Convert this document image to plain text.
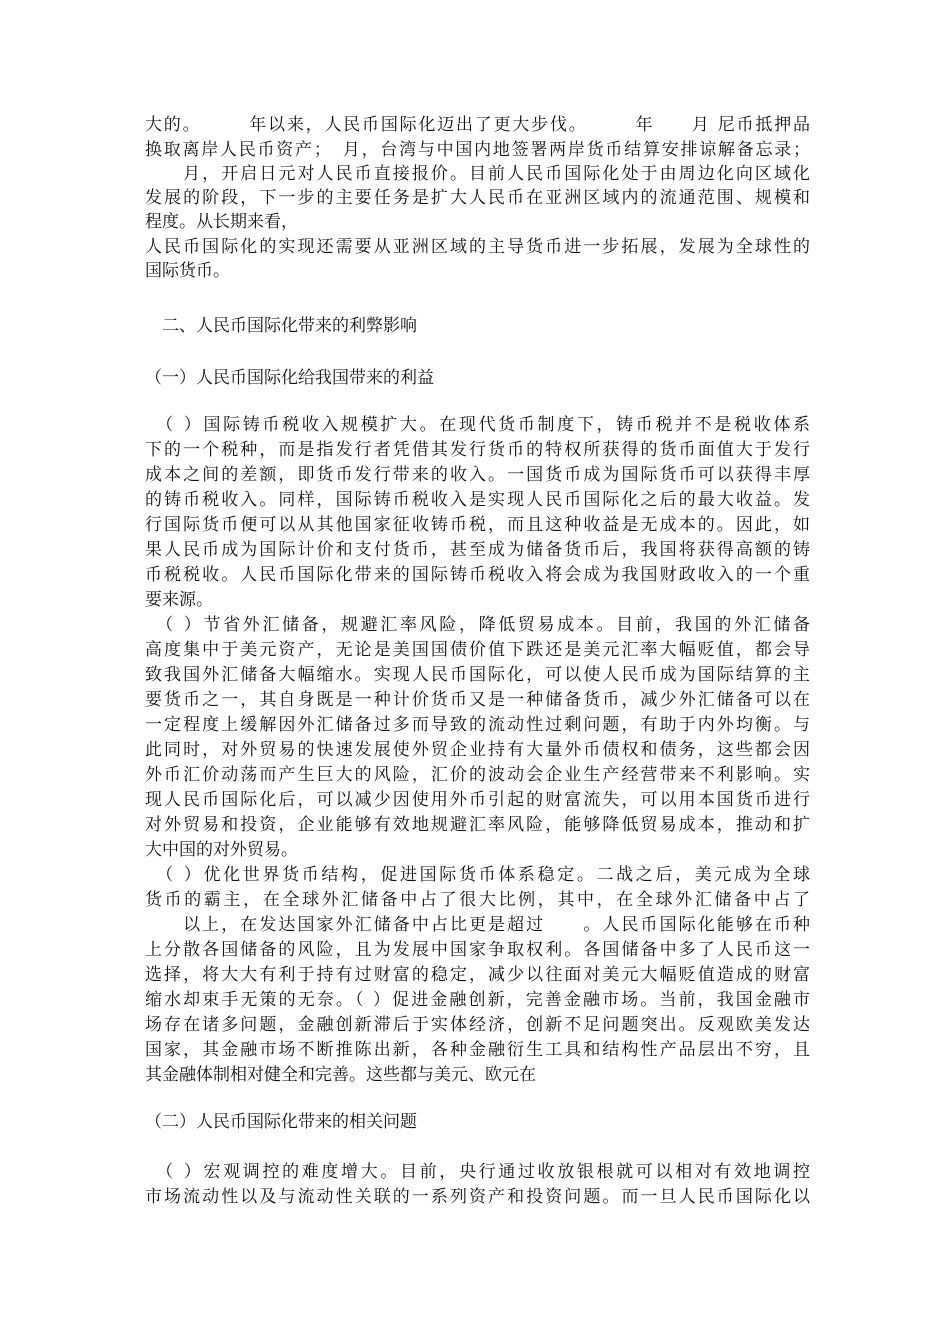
大的。　　　年以来，人民币国际化迈出了更大步伐。　　　年　　月 尼币抵押品
换取离岸人民币资产；　月，台湾与中国内地签署两岸货币结算安排谅解备忘录；
　　月，开启日元对人民币直接报价。目前人民币国际化处于由周边化向区域化
发展的阶段，下一步的主要任务是扩大人民币在亚洲区域内的流通范围、规模和
程度。从长期来看，
人民币国际化的实现还需要从亚洲区域的主导货币进一步拓展，发展为全球性的
国际货币。
　二、人民币国际化带来的利弊影响
（一）人民币国际化给我国带来的利益
　（ ）国际铸币税收入规模扩大。在现代货币制度下，铸币税并不是税收体系
下的一个税种，而是指发行者凭借其发行货币的特权所获得的货币面值大于发行
成本之间的差额，即货币发行带来的收入。一国货币成为国际货币可以获得丰厚
的铸币税收入。同样，国际铸币税收入是实现人民币国际化之后的最大收益。发
行国际货币便可以从其他国家征收铸币税，而且这种收益是无成本的。因此，如
果人民币成为国际计价和支付货币，甚至成为储备货币后，我国将获得高额的铸
币税税收。人民币国际化带来的国际铸币税收入将会成为我国财政收入的一个重
要来源。
　（ ）节省外汇储备，规避汇率风险，降低贸易成本。目前，我国的外汇储备
高度集中于美元资产，无论是美国国债价值下跌还是美元汇率大幅贬值，都会导
致我国外汇储备大幅缩水。实现人民币国际化，可以使人民币成为国际结算的主
要货币之一，其自身既是一种计价货币又是一种储备货币，减少外汇储备可以在
一定程度上缓解因外汇储备过多而导致的流动性过剩问题，有助于内外均衡。与
此同时，对外贸易的快速发展使外贸企业持有大量外币债权和债务，这些都会因
外币汇价动荡而产生巨大的风险，汇价的波动会企业生产经营带来不利影响。实
现人民币国际化后，可以减少因使用外币引起的财富流失，可以用本国货币进行
对外贸易和投资，企业能够有效地规避汇率风险，能够降低贸易成本，推动和扩
大中国的对外贸易。
　（ ）优化世界货币结构，促进国际货币体系稳定。二战之后，美元成为全球
货币的霸主，在全球外汇储备中占了很大比例，其中，在全球外汇储备中占了
　　以上，在发达国家外汇储备中占比更是超过　　。人民币国际化能够在币种
上分散各国储备的风险，且为发展中国家争取权利。各国储备中多了人民币这一
选择，将大大有利于持有过财富的稳定，减少以往面对美元大幅贬值造成的财富
缩水却束手无策的无奈。（ ）促进金融创新，完善金融市场。当前，我国金融市
场存在诸多问题，金融创新滞后于实体经济，创新不足问题突出。反观欧美发达
国家，其金融市场不断推陈出新，各种金融衍生工具和结构性产品层出不穷，且
其金融体制相对健全和完善。这些都与美元、欧元在
（二）人民币国际化带来的相关问题
　（ ）宏观调控的难度增大。目前，央行通过收放银根就可以相对有效地调控
市场流动性以及与流动性关联的一系列资产和投资问题。而一旦人民币国际化以
